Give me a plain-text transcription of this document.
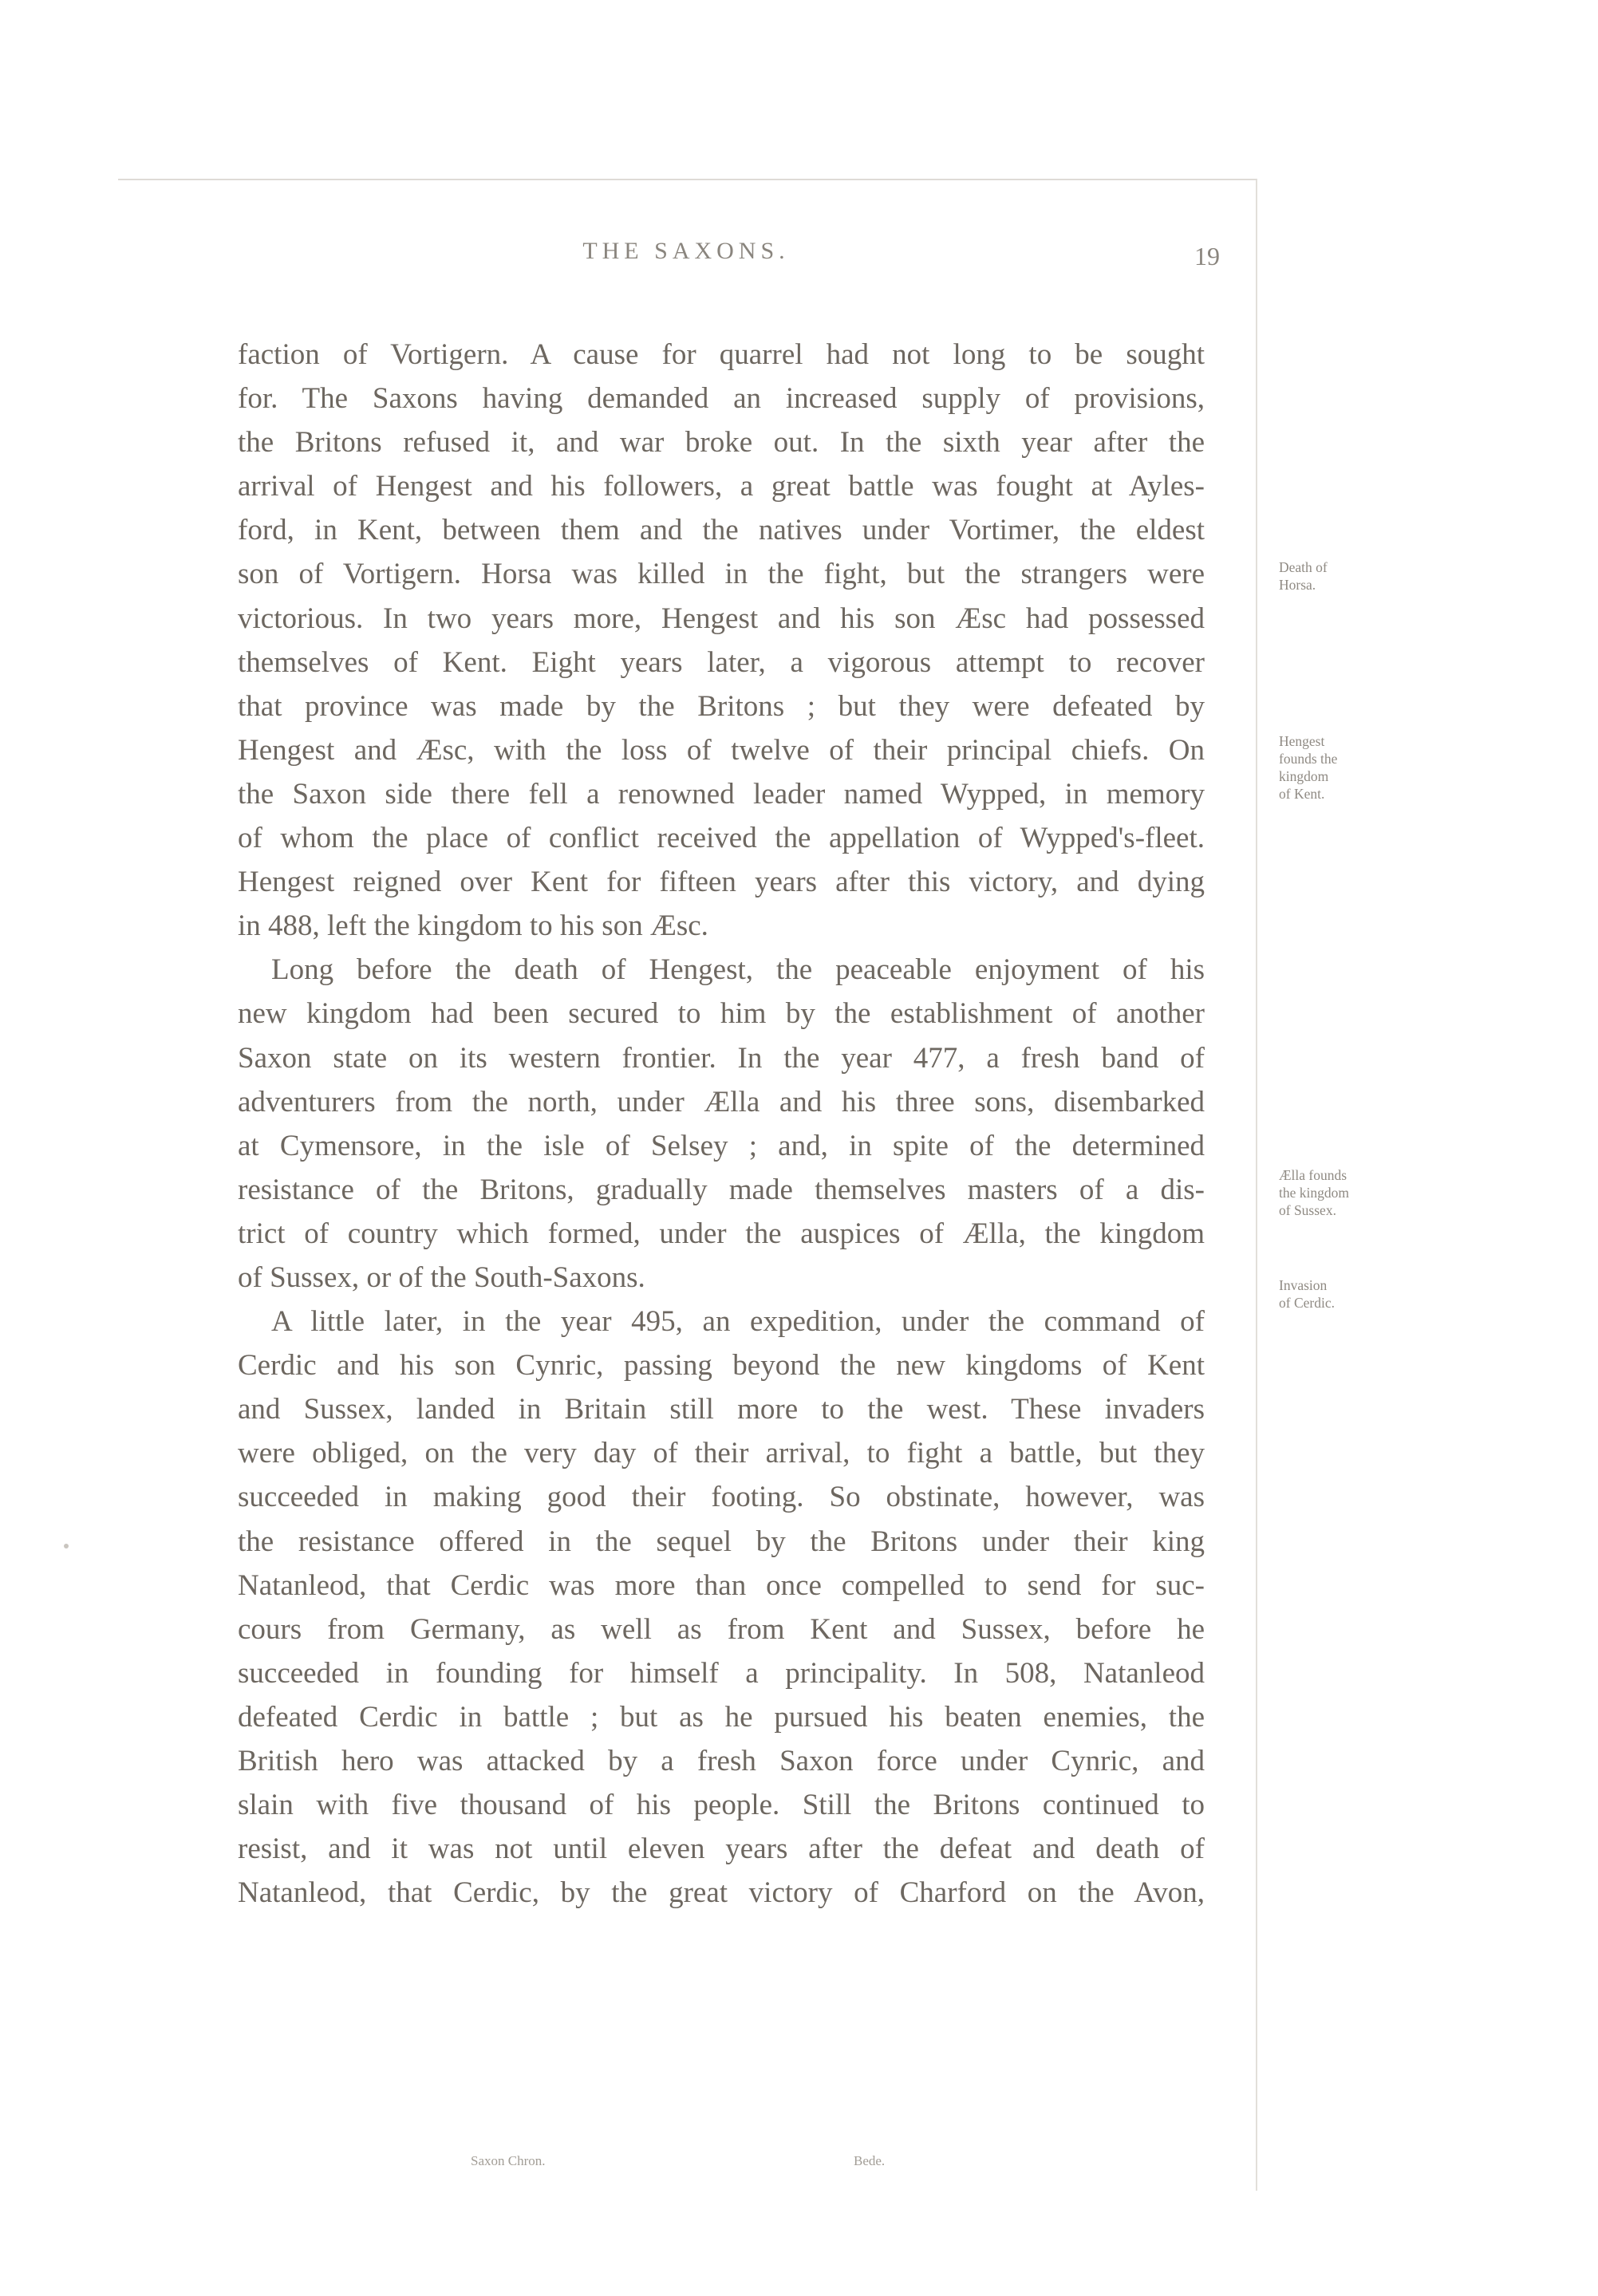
THE SAXONS.	19
faction of Vortigern. A cause for quarrel had not long to be sought
for. The Saxons having demanded an increased supply of provisions,
the Britons refused it, and war broke out. In the sixth year after the
arrival of Hengest and his followers, a great battle was fought at Ayles-
ford, in Kent, between them and the natives under Vortimer, the eldest
son of Vortigern. Horsa was killed in the fight, but the strangers were
victorious. In two years more, Hengest and his son Æsc had possessed
themselves of Kent. Eight years later, a vigorous attempt to recover
that province was made by the Britons ; but they were defeated by
Hengest and Æsc, with the loss of twelve of their principal chiefs. On
the Saxon side there fell a renowned leader named Wypped, in memory
of whom the place of conflict received the appellation of Wypped's-fleet.
Hengest reigned over Kent for fifteen years after this victory, and dying
in 488, left the kingdom to his son Æsc.
Long before the death of Hengest, the peaceable enjoyment of his
new kingdom had been secured to him by the establishment of another
Saxon state on its western frontier. In the year 477, a fresh band of
adventurers from the north, under Ælla and his three sons, disembarked
at Cymensore, in the isle of Selsey ; and, in spite of the determined
resistance of the Britons, gradually made themselves masters of a dis-
trict of country which formed, under the auspices of Ælla, the kingdom
of Sussex, or of the South-Saxons.
A little later, in the year 495, an expedition, under the command of
Cerdic and his son Cynric, passing beyond the new kingdoms of Kent
and Sussex, landed in Britain still more to the west. These invaders
were obliged, on the very day of their arrival, to fight a battle, but they
succeeded in making good their footing. So obstinate, however, was
the resistance offered in the sequel by the Britons under their king
Natanleod, that Cerdic was more than once compelled to send for suc-
cours from Germany, as well as from Kent and Sussex, before he
succeeded in founding for himself a principality. In 508, Natanleod
defeated Cerdic in battle ; but as he pursued his beaten enemies, the
British hero was attacked by a fresh Saxon force under Cynric, and
slain with five thousand of his people. Still the Britons continued to
resist, and it was not until eleven years after the defeat and death of
Natanleod, that Cerdic, by the great victory of Charford on the Avon,
Death of
Horsa.
Hengest
founds the
kingdom
of Kent.
Ælla founds
the kingdom
of Sussex.
Invasion
of Cerdic.
Saxon Chron.	Bede.
